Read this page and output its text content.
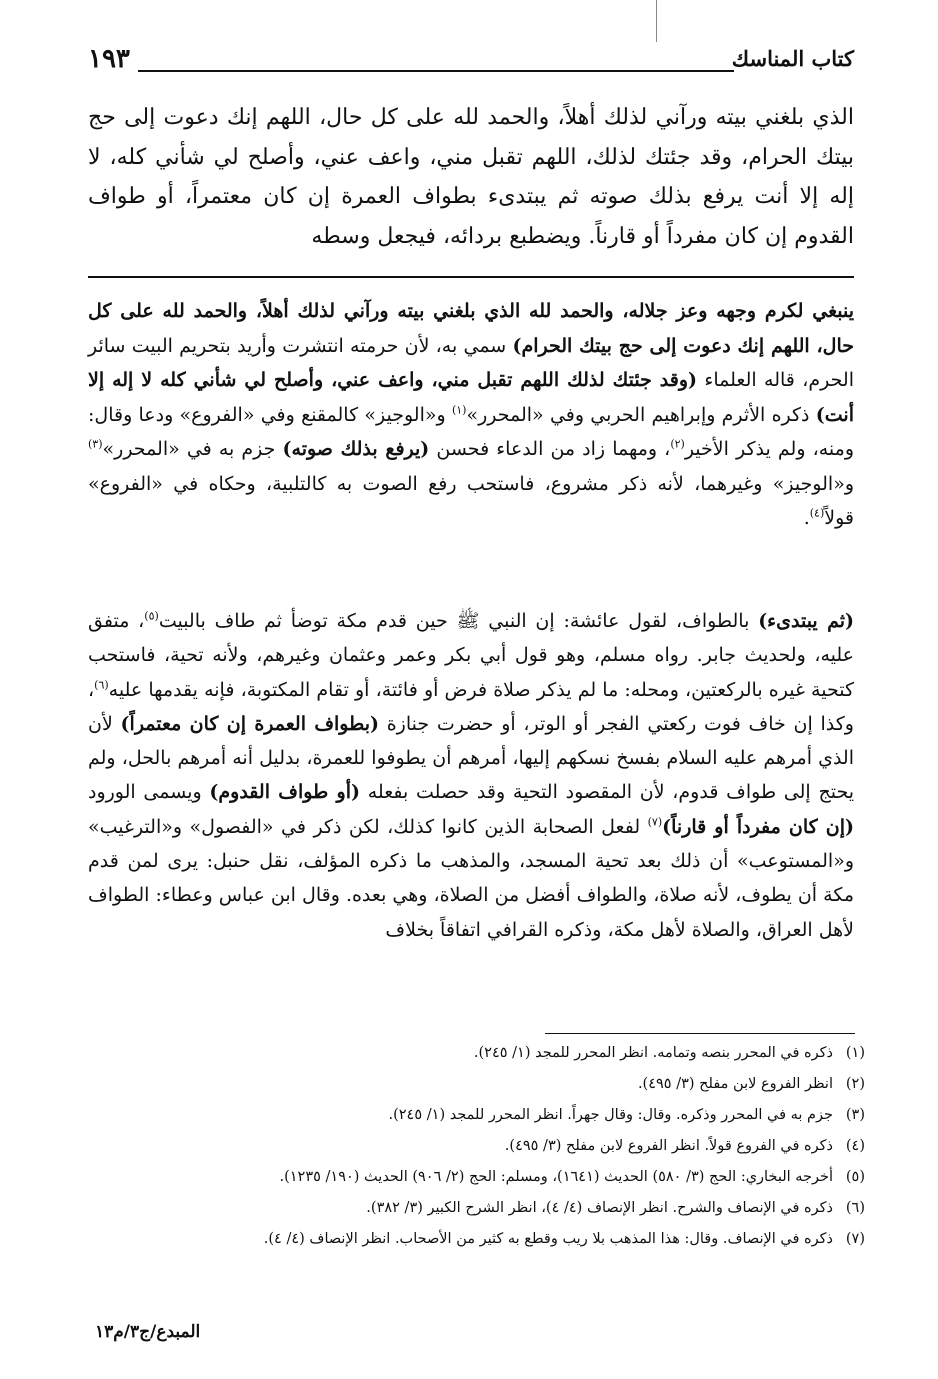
١٩٣	كتاب المناسك

الذي بلغني بيته ورآني لذلك أهلاً، والحمد لله على كل حال، اللهم إنك دعوت إلى حج بيتك الحرام، وقد جئتك لذلك، اللهم تقبل مني، واعف عني، وأصلح لي شأني كله، لا إله إلا أنت يرفع بذلك صوته ثم يبتدىء بطواف العمرة إن كان معتمراً، أو طواف القدوم إن كان مفرداً أو قارناً. ويضطبع بردائه، فيجعل وسطه

ينبغي لكرم وجهه وعز جلاله، والحمد لله الذي بلغني بيته ورآني لذلك أهلاً، والحمد لله على كل حال، اللهم إنك دعوت إلى حج بيتك الحرام) سمي به، لأن حرمته انتشرت وأريد بتحريم البيت سائر الحرم، قاله العلماء (وقد جئتك لذلك اللهم تقبل مني، واعف عني، وأصلح لي شأني كله لا إله إلا أنت) ذكره الأثرم وإبراهيم الحربي وفي «المحرر»$^{(١)}$ و«الوجيز» كالمقنع وفي «الفروع» ودعا وقال: ومنه، ولم يذكر الأخير$^{(٢)}$، ومهما زاد من الدعاء فحسن (يرفع بذلك صوته) جزم به في «المحرر»$^{(٣)}$ و«الوجيز» وغيرهما، لأنه ذكر مشروع، فاستحب رفع الصوت به كالتلبية، وحكاه في «الفروع» قولاً$^{(٤)}$.

(ثم يبتدىء) بالطواف، لقول عائشة: إن النبي ﷺ حين قدم مكة توضأ ثم طاف بالبيت$^{(٥)}$، متفق عليه، ولحديث جابر. رواه مسلم، وهو قول أبي بكر وعمر وعثمان وغيرهم، ولأنه تحية، فاستحب كتحية غيره بالركعتين، ومحله: ما لم يذكر صلاة فرض أو فائتة، أو تقام المكتوبة، فإنه يقدمها عليه$^{(٦)}$، وكذا إن خاف فوت ركعتي الفجر أو الوتر، أو حضرت جنازة (بطواف العمرة إن كان معتمراً) لأن الذي أمرهم عليه السلام بفسخ نسكهم إليها، أمرهم أن يطوفوا للعمرة، بدليل أنه أمرهم بالحل، ولم يحتج إلى طواف قدوم، لأن المقصود التحية وقد حصلت بفعله (أو طواف القدوم) ويسمى الورود (إن كان مفرداً أو قارناً)$^{(٧)}$ لفعل الصحابة الذين كانوا كذلك، لكن ذكر في «الفصول» و«الترغيب» و«المستوعب» أن ذلك بعد تحية المسجد، والمذهب ما ذكره المؤلف، نقل حنبل: يرى لمن قدم مكة أن يطوف، لأنه صلاة، والطواف أفضل من الصلاة، وهي بعده. وقال ابن عباس وعطاء: الطواف لأهل العراق، والصلاة لأهل مكة، وذكره القرافي اتفاقاً بخلاف

(١)
ذكره في المحرر بنصه وتمامه. انظر المحرر للمجد (١/ ٢٤٥).
(٢)
انظر الفروع لابن مفلح (٣/ ٤٩٥).
(٣)
جزم به في المحرر وذكره. وقال: وقال جهراً. انظر المحرر للمجد (١/ ٢٤٥).
(٤)
ذكره في الفروع قولاً. انظر الفروع لابن مفلح (٣/ ٤٩٥).
(٥)
أخرجه البخاري: الحج (٣/ ٥٨٠) الحديث (١٦٤١)، ومسلم: الحج (٢/ ٩٠٦) الحديث (١٩٠/ ١٢٣٥).
(٦)
ذكره في الإنصاف والشرح. انظر الإنصاف (٤/ ٤)، انظر الشرح الكبير (٣/ ٣٨٢).
(٧)
ذكره في الإنصاف. وقال: هذا المذهب بلا ريب وقطع به كثير من الأصحاب. انظر الإنصاف (٤/ ٤).
المبدع/ج٣/م١٣
